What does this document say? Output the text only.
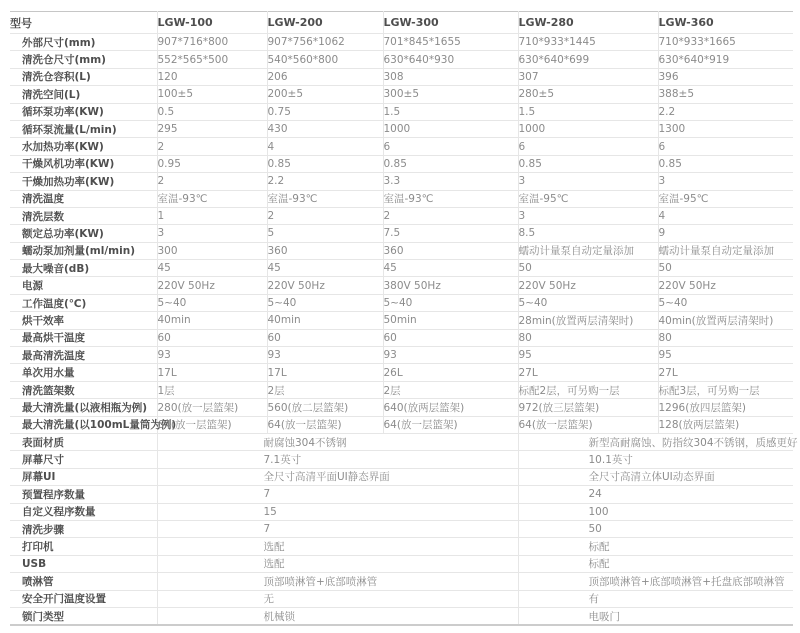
型号	LGW-100	LGW-200	LGW-300	LGW-280	LGW-360
外部尺寸(mm)	907*716*800	907*756*1062	701*845*1655	710*933*1445	710*933*1665
清洗仓尺寸(mm)	552*565*500	540*560*800	630*640*930	630*640*699	630*640*919
清洗仓容积(L)	120	206	308	307	396
清洗空间(L)	100±5	200±5	300±5	280±5	388±5
循环泵功率(KW)	0.5	0.75	1.5	1.5	2.2
循环泵流量(L/min)	295	430	1000	1000	1300
水加热功率(KW)	2	4	6	6	6
干燥风机功率(KW)	0.95	0.85	0.85	0.85	0.85
干燥加热功率(KW)	2	2.2	3.3	3	3
清洗温度	室温-93℃	室温-93℃	室温-93℃	室温-95℃	室温-95℃
清洗层数	1	2	2	3	4
额定总功率(KW)	3	5	7.5	8.5	9
蠕动泵加剂量(ml/min)	300	360	360	蠕动计量泵自动定量添加	蠕动计量泵自动定量添加
最大噪音(dB)	45	45	45	50	50
电源	220V 50Hz	220V 50Hz	380V 50Hz	220V 50Hz	220V 50Hz
工作温度(℃)	5~40	5~40	5~40	5~40	5~40
烘干效率	40min	40min	50min	28min(放置两层清架时)	40min(放置两层清架时)
最高烘干温度	60	60	60	80	80
最高清洗温度	93	93	93	95	95
单次用水量	17L	17L	26L	27L	27L
清洗篮架数	1层	2层	2层	标配2层，可另购一层	标配3层，可另购一层
最大清洗量(以液相瓶为例)	280(放一层篮架)	560(放二层篮架)	640(放两层篮架)	972(放三层篮架)	1296(放四层篮架)
最大清洗量(以100mL量筒为例)	64(放一层篮架)	64(放一层篮架)	64(放一层篮架)	64(放一层篮架)	128(放两层篮架)
表面材质	耐腐蚀304不锈钢			新型高耐腐蚀、防指纹304不锈钢，质感更好	
屏幕尺寸	7.1英寸			10.1英寸	
屏幕UI	全尺寸高清平面UI静态界面			全尺寸高清立体UI动态界面	
预置程序数量	7			24	
自定义程序数量	15			100	
清洗步骤	7			50	
打印机	选配			标配	
USB	选配			标配	
喷淋管	顶部喷淋管+底部喷淋管			顶部喷淋管+底部喷淋管+托盘底部喷淋管	
安全开门温度设置	无			有	
锁门类型	机械锁			电吸门	
